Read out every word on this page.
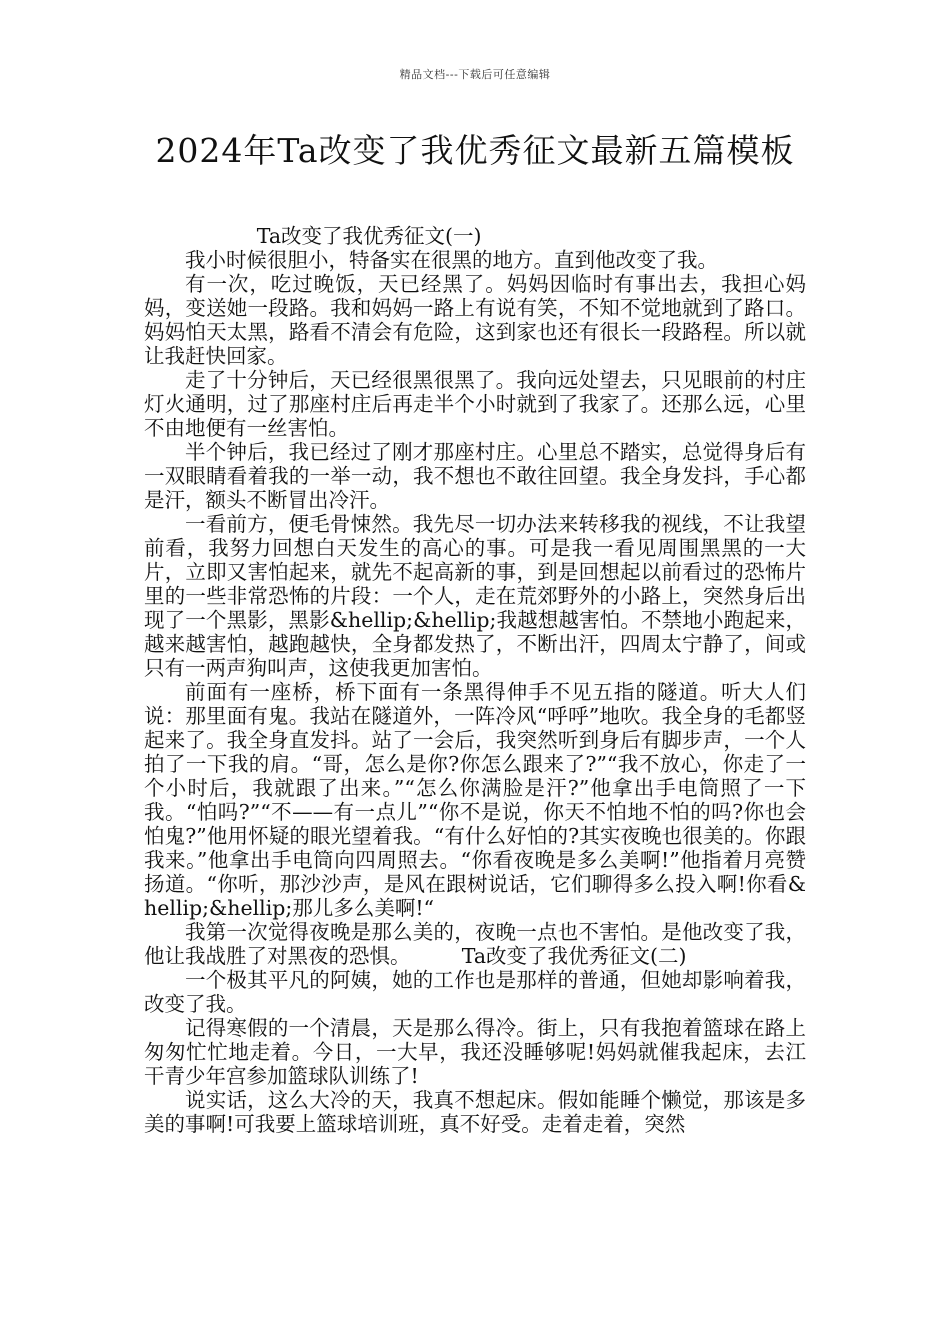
精品文档---下载后可任意编辑
2024年Ta改变了我优秀征文最新五篇模板
Ta改变了我优秀征文(一)

我小时候很胆小，特备实在很黑的地方。直到他改变了我。

有一次，吃过晚饭，天已经黑了。妈妈因临时有事出去，我担心妈妈，变送她一段路。我和妈妈一路上有说有笑，不知不觉地就到了路口。妈妈怕天太黑，路看不清会有危险，这到家也还有很长一段路程。所以就让我赶快回家。

走了十分钟后，天已经很黑很黑了。我向远处望去，只见眼前的村庄灯火通明，过了那座村庄后再走半个小时就到了我家了。还那么远，心里不由地便有一丝害怕。

半个钟后，我已经过了刚才那座村庄。心里总不踏实，总觉得身后有一双眼睛看着我的一举一动，我不想也不敢往回望。我全身发抖，手心都是汗，额头不断冒出冷汗。

一看前方，便毛骨悚然。我先尽一切办法来转移我的视线，不让我望前看，我努力回想白天发生的高心的事。可是我一看见周围黑黑的一大片，立即又害怕起来，就先不起高新的事，到是回想起以前看过的恐怖片里的一些非常恐怖的片段：一个人，走在荒郊野外的小路上，突然身后出现了一个黑影，黑影&hellip;&hellip;我越想越害怕。不禁地小跑起来，越来越害怕，越跑越快，全身都发热了，不断出汗，四周太宁静了，间或只有一两声狗叫声，这使我更加害怕。

前面有一座桥，桥下面有一条黑得伸手不见五指的隧道。听大人们说：那里面有鬼。我站在隧道外，一阵冷风“呼呼”地吹。我全身的毛都竖起来了。我全身直发抖。站了一会后，我突然听到身后有脚步声，一个人拍了一下我的肩。“哥，怎么是你?你怎么跟来了?”“我不放心，你走了一个小时后，我就跟了出来。”“怎么你满脸是汗?”他拿出手电筒照了一下我。“怕吗?”“不——有一点儿”“你不是说，你天不怕地不怕的吗?你也会怕鬼?”他用怀疑的眼光望着我。“有什么好怕的?其实夜晚也很美的。你跟我来。”他拿出手电筒向四周照去。“你看夜晚是多么美啊!”他指着月亮赞扬道。“你听，那沙沙声，是风在跟树说话，它们聊得多么投入啊!你看&hellip;&hellip;那儿多么美啊!“

我第一次觉得夜晚是那么美的，夜晚一点也不害怕。是他改变了我，他让我战胜了对黑夜的恐惧。	Ta改变了我优秀征文(二)

一个极其平凡的阿姨，她的工作也是那样的普通，但她却影响着我，改变了我。

记得寒假的一个清晨，天是那么得冷。街上，只有我抱着篮球在路上匆匆忙忙地走着。今日，一大早，我还没睡够呢!妈妈就催我起床，去江干青少年宫参加篮球队训练了!

说实话，这么大冷的天，我真不想起床。假如能睡个懒觉，那该是多美的事啊!可我要上篮球培训班，真不好受。走着走着，突然
